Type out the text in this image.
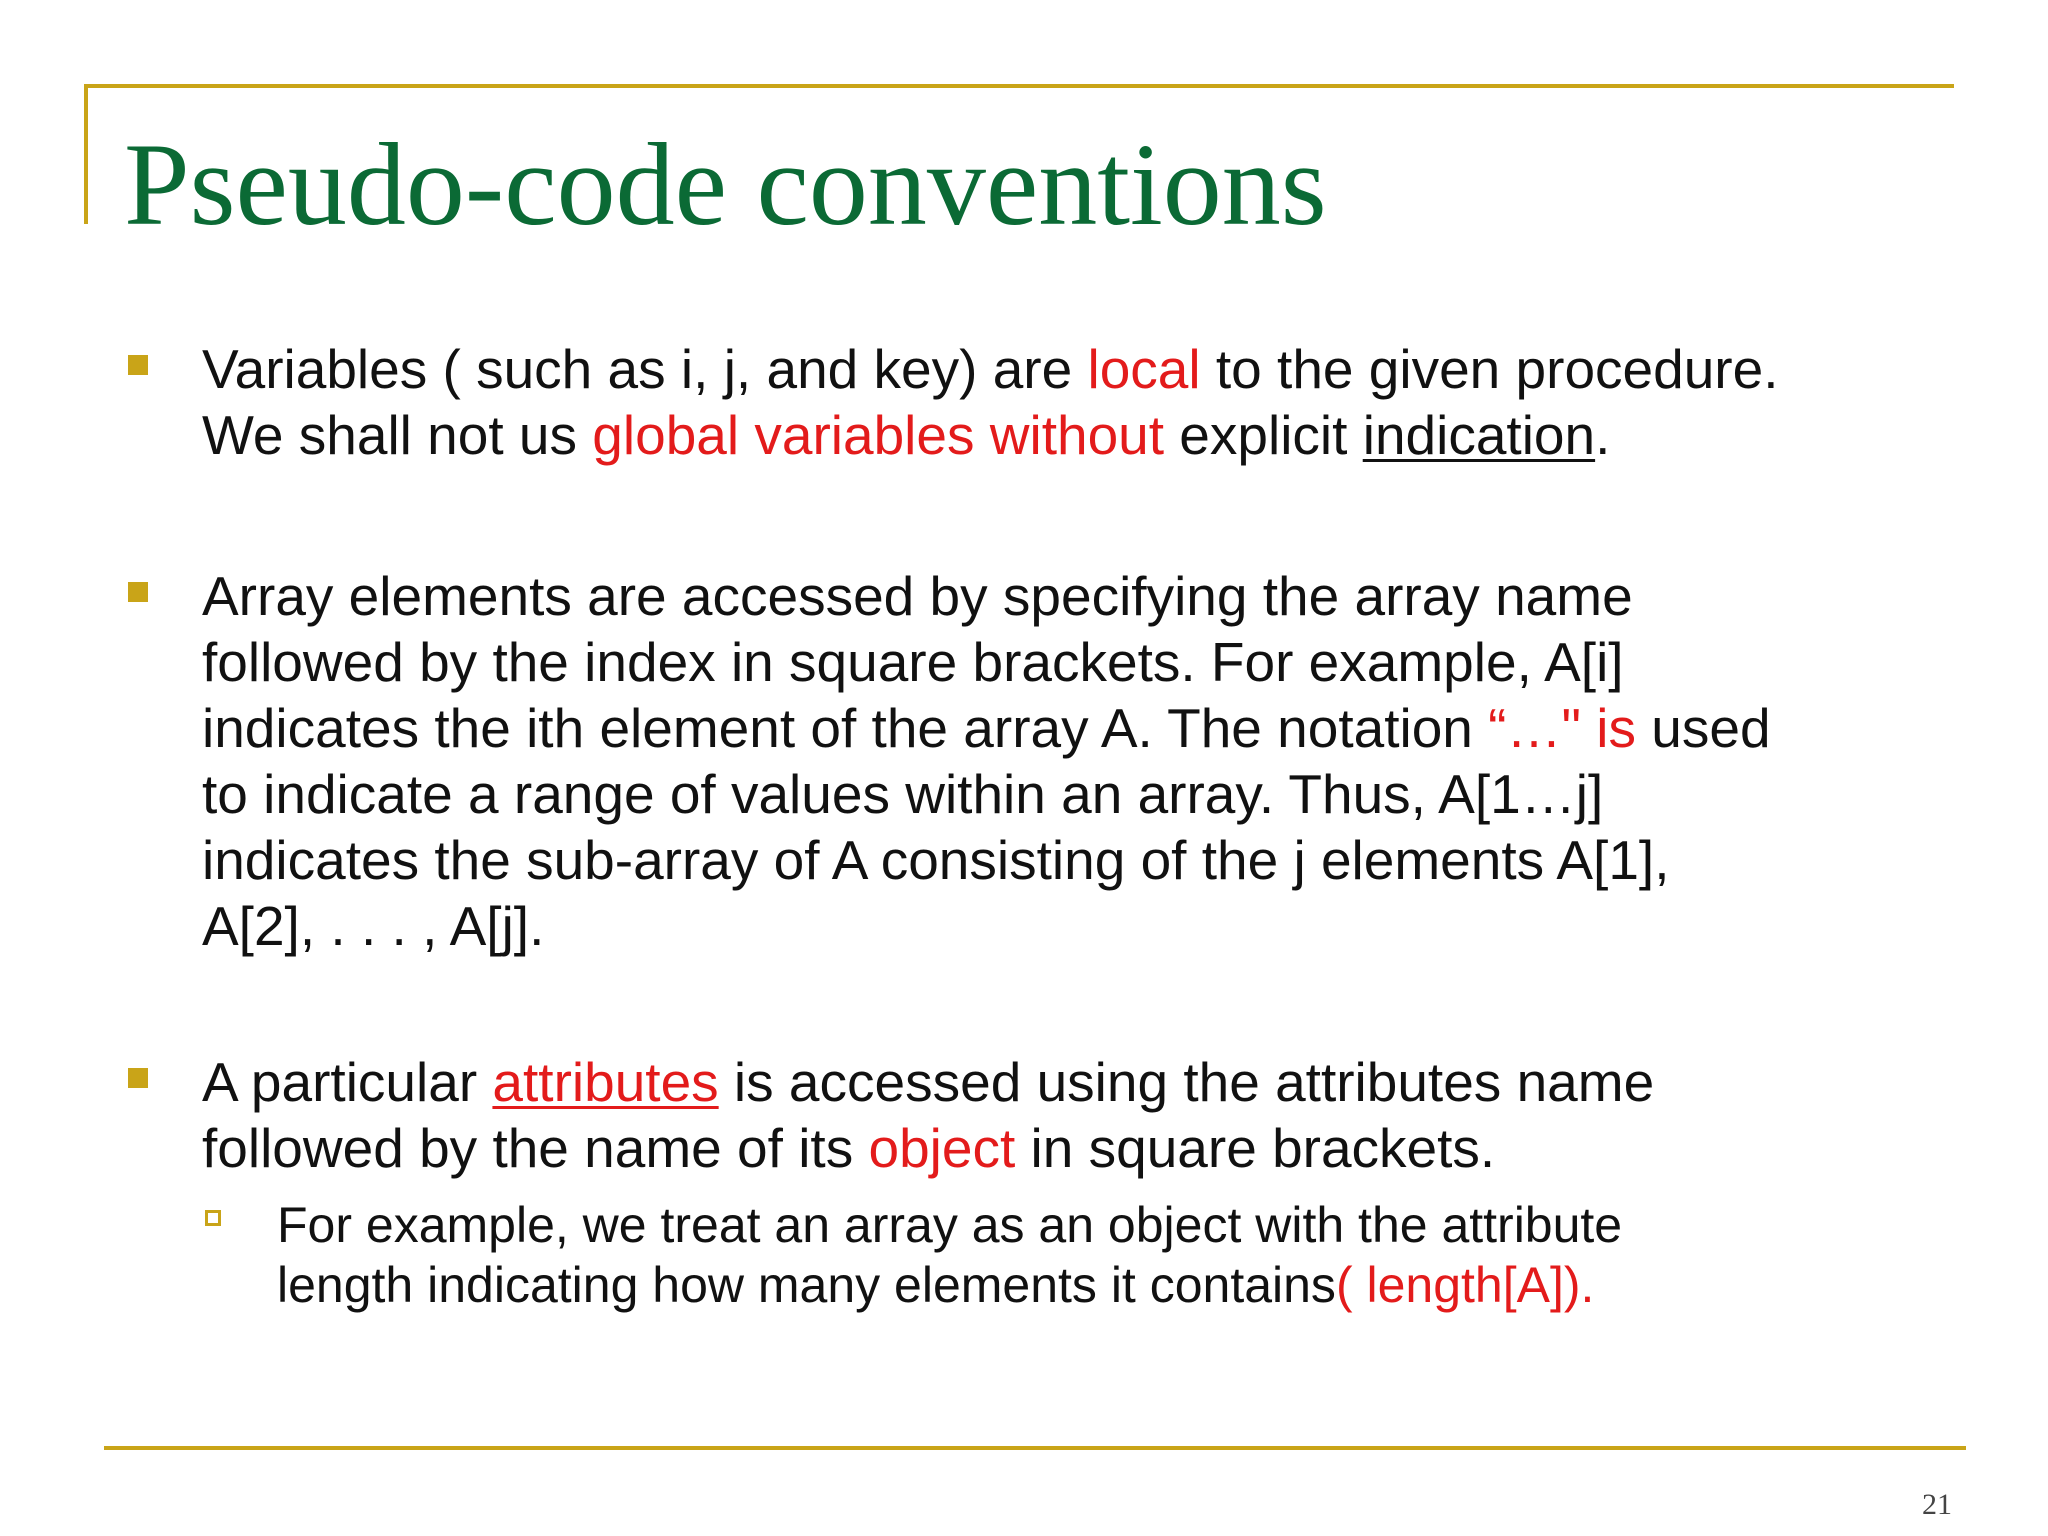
Pseudo-code conventions
Variables ( such as i, j, and key) are local to the given procedure.
We shall not us global variables without explicit indication.
Array elements are accessed by specifying the array name
followed by the index in square brackets. For example, A[i]
indicates the ith element of the array A. The notation “…" is used
to indicate a range of values within an array. Thus, A[1…j]
indicates the sub-array of A consisting of the j elements A[1],
A[2], . . . , A[j].
A particular attributes is accessed using the attributes name
followed by the name of its object in square brackets.
For example, we treat an array as an object with the attribute
length indicating how many elements it contains( length[A]).
21
